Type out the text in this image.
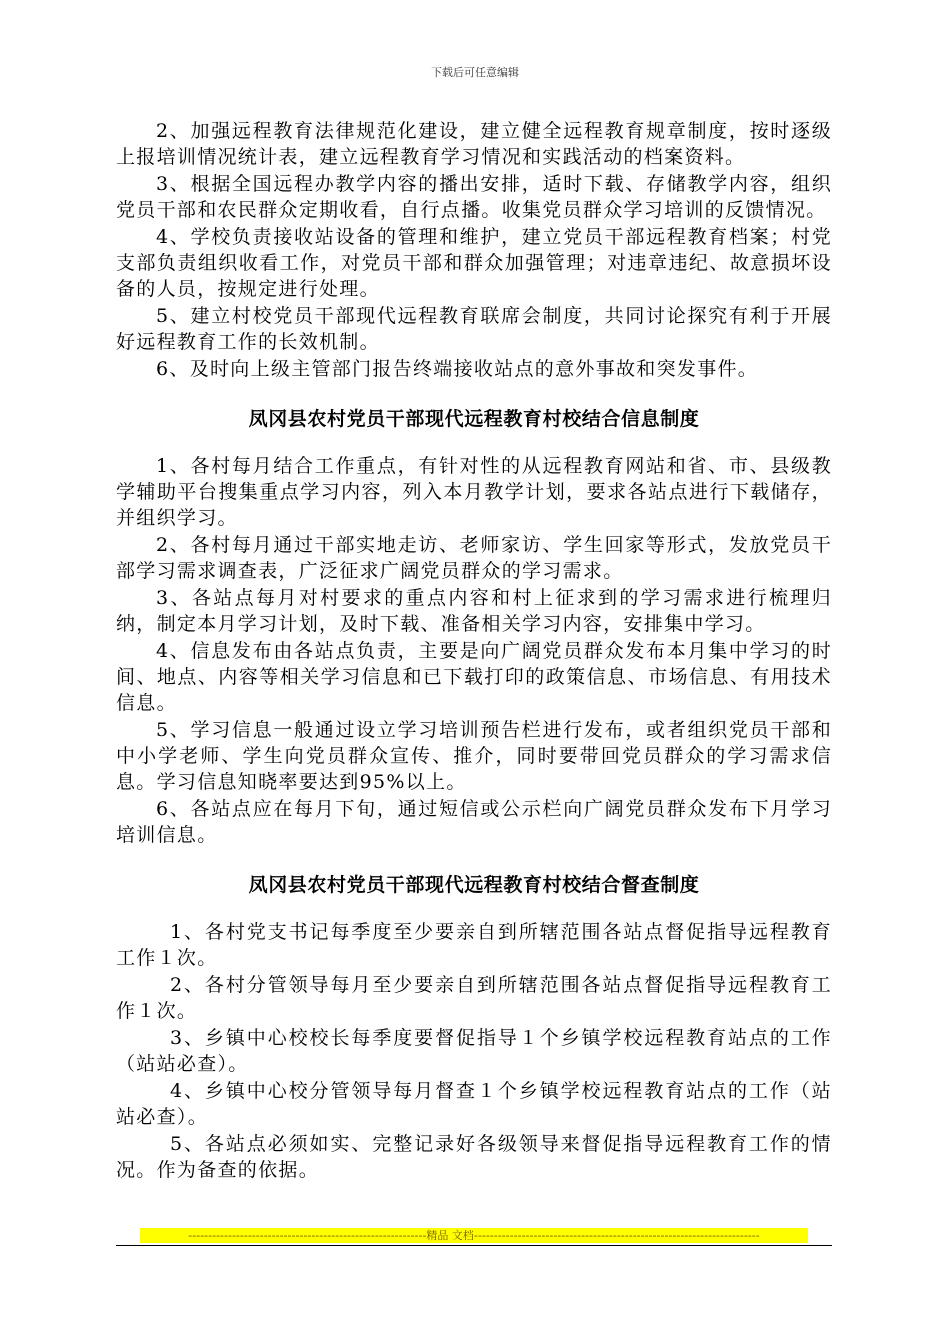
下载后可任意编辑

2、加强远程教育法律规范化建设，建立健全远程教育规章制度，按时逐级上报培训情况统计表，建立远程教育学习情况和实践活动的档案资料。

3、根据全国远程办教学内容的播出安排，适时下载、存储教学内容，组织党员干部和农民群众定期收看，自行点播。收集党员群众学习培训的反馈情况。

4、学校负责接收站设备的管理和维护，建立党员干部远程教育档案；村党支部负责组织收看工作，对党员干部和群众加强管理；对违章违纪、故意损坏设备的人员，按规定进行处理。

5、建立村校党员干部现代远程教育联席会制度，共同讨论探究有利于开展好远程教育工作的长效机制。

6、及时向上级主管部门报告终端接收站点的意外事故和突发事件。

凤冈县农村党员干部现代远程教育村校结合信息制度

1、各村每月结合工作重点，有针对性的从远程教育网站和省、市、县级教学辅助平台搜集重点学习内容，列入本月教学计划，要求各站点进行下载储存，并组织学习。

2、各村每月通过干部实地走访、老师家访、学生回家等形式，发放党员干部学习需求调查表，广泛征求广阔党员群众的学习需求。

3、各站点每月对村要求的重点内容和村上征求到的学习需求进行梳理归纳，制定本月学习计划，及时下载、准备相关学习内容，安排集中学习。

4、信息发布由各站点负责，主要是向广阔党员群众发布本月集中学习的时间、地点、内容等相关学习信息和已下载打印的政策信息、市场信息、有用技术信息。

5、学习信息一般通过设立学习培训预告栏进行发布，或者组织党员干部和中小学老师、学生向党员群众宣传、推介，同时要带回党员群众的学习需求信息。学习信息知晓率要达到95%以上。

6、各站点应在每月下旬，通过短信或公示栏向广阔党员群众发布下月学习培训信息。

凤冈县农村党员干部现代远程教育村校结合督查制度

1、各村党支书记每季度至少要亲自到所辖范围各站点督促指导远程教育工作１次。

2、各村分管领导每月至少要亲自到所辖范围各站点督促指导远程教育工作１次。

3、乡镇中心校校长每季度要督促指导１个乡镇学校远程教育站点的工作（站站必查）。

4、乡镇中心校分管领导每月督查１个乡镇学校远程教育站点的工作（站站必查）。

5、各站点必须如实、完整记录好各级领导来督促指导远程教育工作的情况。作为备查的依据。

------------------------------------------------------------精品 文档------------------------------------------------------------------------
